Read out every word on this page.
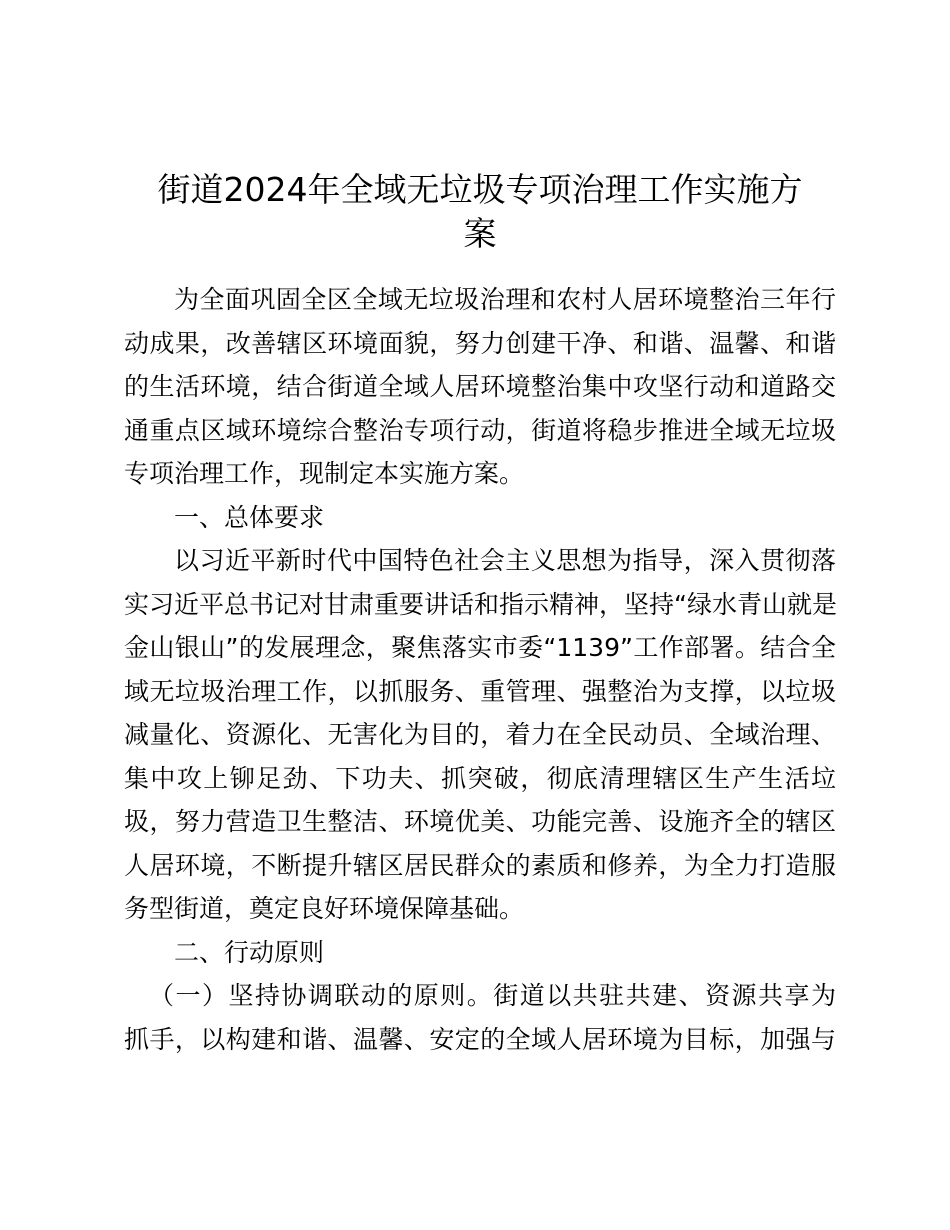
街道2024年全域无垃圾专项治理工作实施方
案

为全面巩固全区全域无垃圾治理和农村人居环境整治三年行
动成果，改善辖区环境面貌，努力创建干净、和谐、温馨、和谐
的生活环境，结合街道全域人居环境整治集中攻坚行动和道路交
通重点区域环境综合整治专项行动，街道将稳步推进全域无垃圾
专项治理工作，现制定本实施方案。

一、总体要求

以习近平新时代中国特色社会主义思想为指导，深入贯彻落
实习近平总书记对甘肃重要讲话和指示精神，坚持“绿水青山就是
金山银山”的发展理念，聚焦落实市委“1139”工作部署。结合全
域无垃圾治理工作，以抓服务、重管理、强整治为支撑，以垃圾
减量化、资源化、无害化为目的，着力在全民动员、全域治理、
集中攻上铆足劲、下功夫、抓突破，彻底清理辖区生产生活垃
圾，努力营造卫生整洁、环境优美、功能完善、设施齐全的辖区
人居环境，不断提升辖区居民群众的素质和修养，为全力打造服
务型街道，奠定良好环境保障基础。

二、行动原则

（一）坚持协调联动的原则。街道以共驻共建、资源共享为
抓手，以构建和谐、温馨、安定的全域人居环境为目标，加强与
